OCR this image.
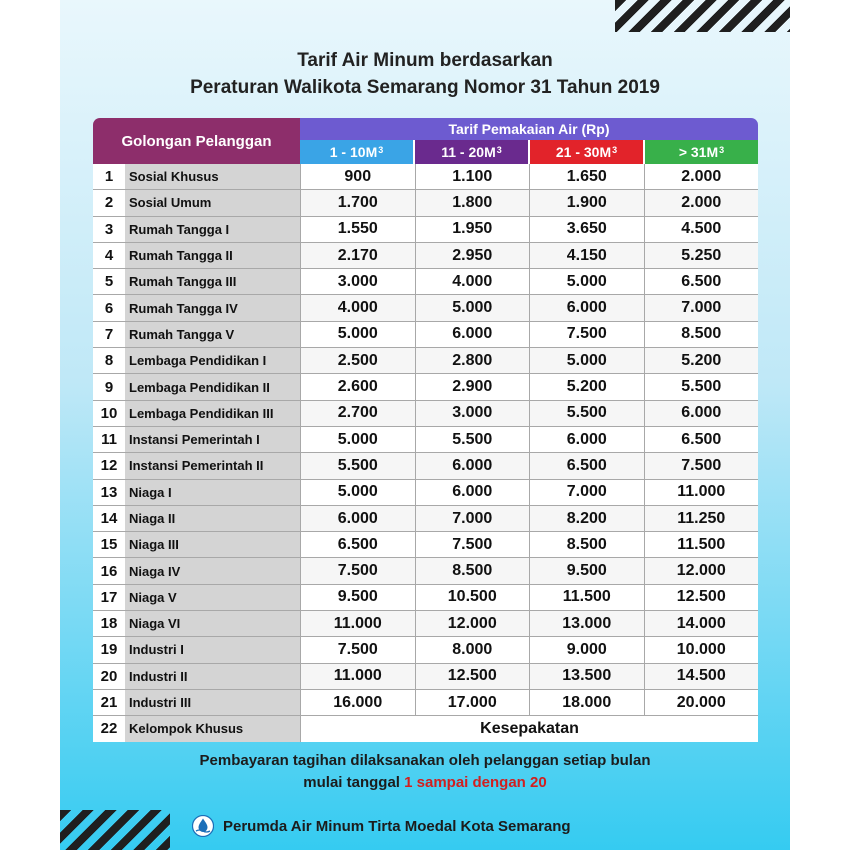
Tarif Air Minum berdasarkan
Peraturan Walikota Semarang Nomor 31 Tahun 2019
Golongan Pelanggan
Tarif Pemakaian Air (Rp)
1 - 10 $M^3$	11 - 20 $M^3$	21 - 30 $M^3$	> 31 $M^3$
1	Sosial Khusus	900	1.100	1.650	2.000
2	Sosial Umum	1.700	1.800	1.900	2.000
3	Rumah Tangga I	1.550	1.950	3.650	4.500
4	Rumah Tangga II	2.170	2.950	4.150	5.250
5	Rumah Tangga III	3.000	4.000	5.000	6.500
6	Rumah Tangga IV	4.000	5.000	6.000	7.000
7	Rumah Tangga V	5.000	6.000	7.500	8.500
8	Lembaga Pendidikan I	2.500	2.800	5.000	5.200
9	Lembaga Pendidikan II	2.600	2.900	5.200	5.500
10 Lembaga Pendidikan III	2.700	3.000	5.500	6.000
11 Instansi Pemerintah I	5.000	5.500	6.000	6.500
12 Instansi Pemerintah II	5.500	6.000	6.500	7.500
13 Niaga I	5.000	6.000	7.000	11.000
14 Niaga II	6.000	7.000	8.200	11.250
15 Niaga III	6.500	7.500	8.500	11.500
16 Niaga IV	7.500	8.500	9.500	12.000
17 Niaga V	9.500	10.500	11.500	12.500
18 Niaga VI	11.000	12.000	13.000	14.000
19 Industri I	7.500	8.000	9.000	10.000
20 Industri II	11.000	12.500	13.500	14.500
21 Industri III	16.000	17.000	18.000	20.000
22 Kelompok Khusus	Kesepakatan
Pembayaran tagihan dilaksanakan oleh pelanggan setiap bulan
mulai tanggal 1 sampai dengan 20
Perumda Air Minum Tirta Moedal Kota Semarang
